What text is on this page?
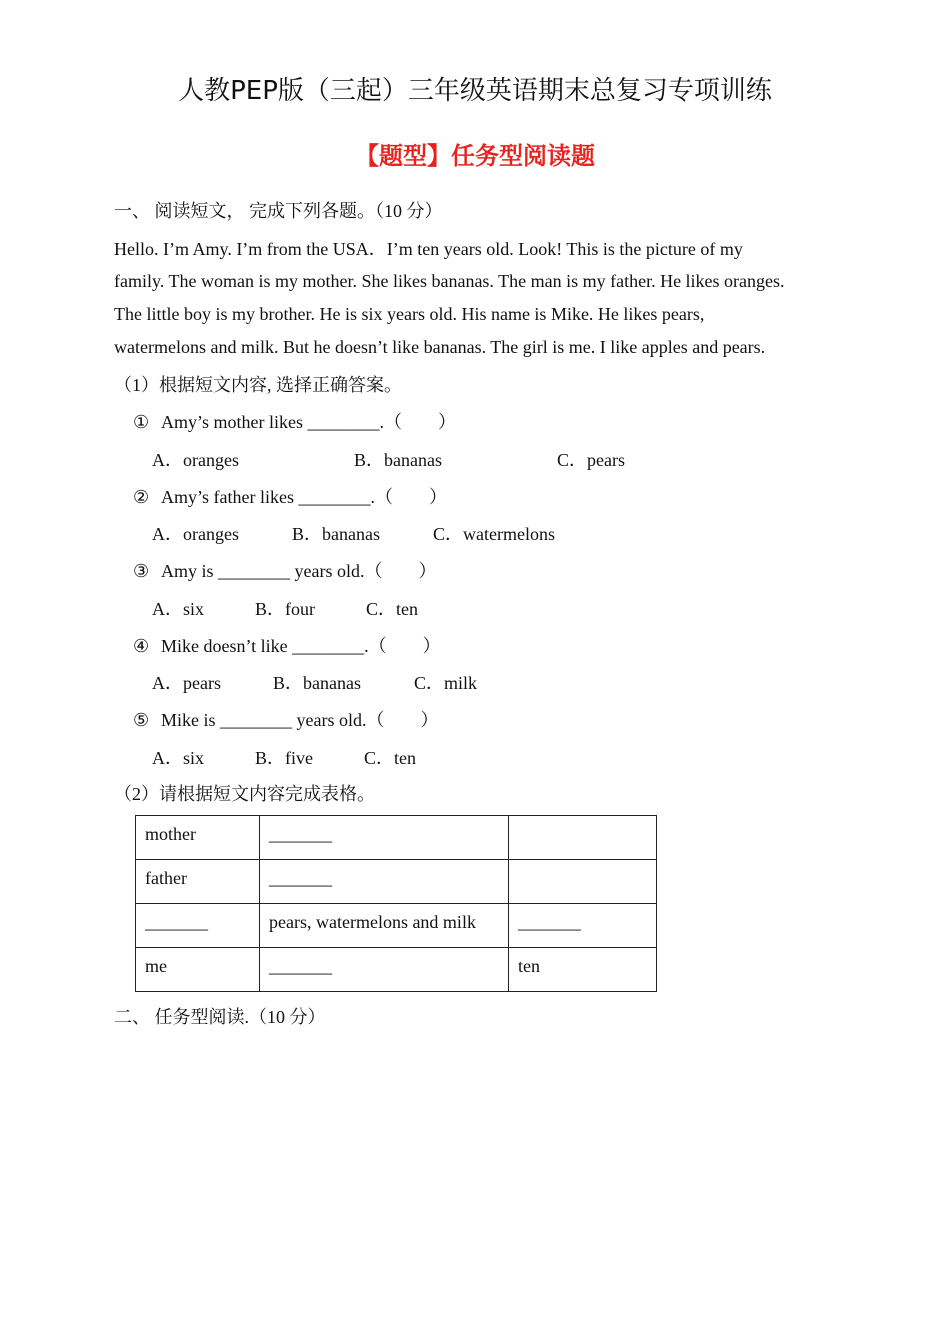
人教PEP版（三起）三年级英语期末总复习专项训练
【题型】任务型阅读题
一、 阅读短文， 完成下列各题。（10 分）
Hello. I’m Amy. I’m from the USA．I’m ten years old. Look! This is the picture of my
family. The woman is my mother. She likes bananas. The man is my father. He likes oranges.
The little boy is my brother. He is six years old. His name is Mike. He likes pears,
watermelons and milk. But he doesn’t like bananas. The girl is me. I like apples and pears.
（1）根据短文内容, 选择正确答案。
① Amy’s mother likes ________.（　　）
A．oranges	B．bananas	C．pears
② Amy’s father likes ________.（　　）
A．oranges	B．bananas	C．watermelons
③ Amy is ________ years old.（　　）
A．six	B．four	C．ten
④ Mike doesn’t like ________.（　　）
A．pears	B．bananas	C．milk
⑤ Mike is ________ years old.（　　）
A．six	B．five	C．ten
（2）请根据短文内容完成表格。
mother	_______	
father	_______	
_______	pears, watermelons and milk	_______
me	_______	ten
二、 任务型阅读.（10 分）
